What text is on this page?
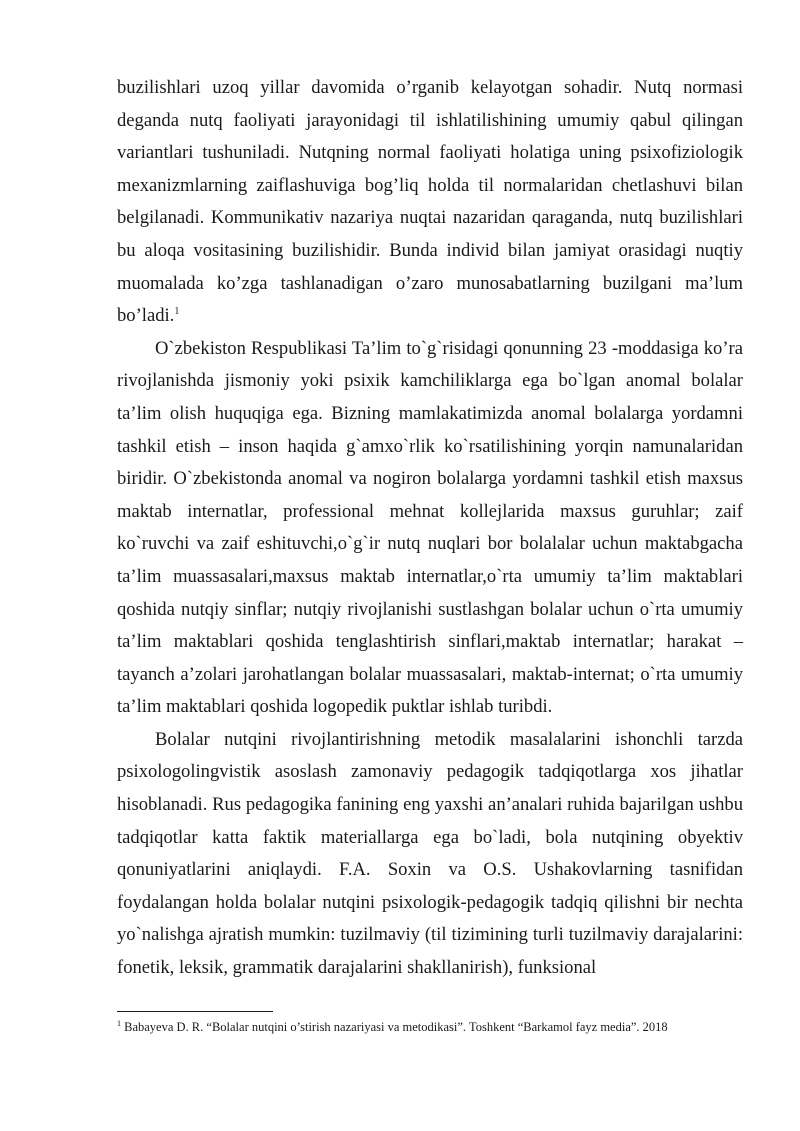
buzilishlari uzoq yillar davomida o’rganib kelayotgan sohadir. Nutq normasi deganda nutq faoliyati jarayonidagi til ishlatilishining umumiy qabul qilingan variantlari tushuniladi. Nutqning normal faoliyati holatiga uning psixofiziologik mexanizmlarning zaiflashuviga bog’liq holda til normalaridan chetlashuvi bilan belgilanadi. Kommunikativ nazariya nuqtai nazaridan qaraganda, nutq buzilishlari bu aloqa vositasining buzilishidir. Bunda individ bilan jamiyat orasidagi nuqtiy muomalada ko’zga tashlanadigan o’zaro munosabatlarning buzilgani ma’lum bo’ladi.$^1$

O`zbekiston Respublikasi Ta’lim to`g`risidagi qonunning 23 -moddasiga ko’ra rivojlanishda jismoniy yoki psixik kamchiliklarga ega bo`lgan anomal bolalar ta’lim olish huquqiga ega. Bizning mamlakatimizda anomal bolalarga yordamni tashkil etish – inson haqida g`amxo`rlik ko`rsatilishining yorqin namunalaridan biridir. O`zbekistonda anomal va nogiron bolalarga yordamni tashkil etish maxsus maktab internatlar, professional mehnat kollejlarida maxsus guruhlar; zaif ko`ruvchi va zaif eshituvchi,o`g`ir nutq nuqlari bor bolalalar uchun maktabgacha ta’lim muassasalari,maxsus maktab internatlar,o`rta umumiy ta’lim maktablari qoshida nutqiy sinflar; nutqiy rivojlanishi sustlashgan bolalar uchun o`rta umumiy ta’lim maktablari qoshida tenglashtirish sinflari,maktab internatlar; harakat – tayanch a’zolari jarohatlangan bolalar muassasalari, maktab-internat; o`rta umumiy ta’lim maktablari qoshida logopedik puktlar ishlab turibdi.

Bolalar nutqini rivojlantirishning metodik masalalarini ishonchli tarzda psixologolingvistik asoslash zamonaviy pedagogik tadqiqotlarga xos jihatlar hisoblanadi. Rus pedagogika fanining eng yaxshi an’analari ruhida bajarilgan ushbu tadqiqotlar katta faktik materiallarga ega bo`ladi, bola nutqining obyektiv qonuniyatlarini aniqlaydi. F.A. Soxin va O.S. Ushakovlarning tasnifidan foydalangan holda bolalar nutqini psixologik-pedagogik tadqiq qilishni bir nechta yo`nalishga ajratish mumkin: tuzilmaviy (til tizimining turli tuzilmaviy darajalarini: fonetik, leksik, grammatik darajalarini shakllanirish), funksional

$^1$ Babayeva D. R. “Bolalar nutqini o’stirish nazariyasi va metodikasi”. Toshkent “Barkamol fayz media”. 2018
